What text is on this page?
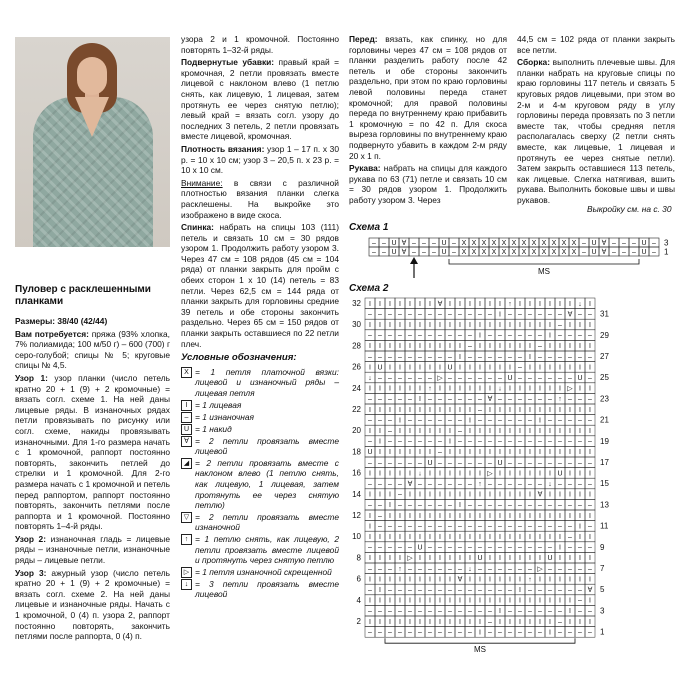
Пуловер с расклешенными планками

Размеры: 38/40 (42/44)

Вам потребуется: пряжа (93% хлопка, 7% полиамида; 100 м/50 г) – 600 (700) г серо-голубой; спицы № 5; круговые спицы № 4,5.

Узор 1: узор планки (число петель кратно 20 + 1 (9) + 2 кромочные) = вязать согл. схеме 1. На ней даны лицевые ряды. В изнаночных рядах петли провязывать по рисунку или согл. схеме, накиды провязывать изнаночными. Для 1-го размера начать с 1 кромочной, раппорт постоянно повторять, закончить петлей до стрелки и 1 кромочной. Для 2-го размера начать с 1 кромочной и петель перед раппортом, раппорт постоянно повторять, закончить петлями после раппорта и 1 кромочной. Постоянно повторять 1–4-й ряды.

Узор 2: изнаночная гладь = лицевые ряды – изнаночные петли, изнаночные ряды – лицевые петли.

Узор 3: ажурный узор (число петель кратно 20 + 1 (9) + 2 кромочные) = вязать согл. схеме 2. На ней даны лицевые и изнаночные ряды. Начать с 1 кромочной, 0 (4) п. узора 2, раппорт постоянно повторять, закончить петлями после раппорта, 0 (4) п.

узора 2 и 1 кромочной. Постоянно повторять 1–32-й ряды.

Подвернутые убавки: правый край = кромочная, 2 петли провязать вместе лицевой с наклоном влево (1 петлю снять, как лицевую, 1 лицевая, затем протянуть ее через снятую петлю); левый край = вязать согл. узору до последних 3 петель, 2 петли провязать вместе лицевой, кромочная.

Плотность вязания: узор 1 – 17 п. х 30 р. = 10 х 10 см; узор 3 – 20,5 п. х 23 р. = 10 х 10 см.

Внимание: в связи с различной плотностью вязания планки слегка расклешены. На выкройке это изображено в виде скоса.

Спинка: набрать на спицы 103 (111) петель и связать 10 см = 30 рядов узором 1. Продолжить работу узором 3. Через 47 см = 108 рядов (45 см = 104 ряда) от планки закрыть для пройм с обеих сторон 1 х 10 (14) петель = 83 петли. Через 62,5 см = 144 ряда от планки закрыть для горловины средние 39 петель и обе стороны закончить раздельно. Через 65 см = 150 рядов от планки закрыть оставшиеся по 22 петли плеч.

Условные обозначения:
X = 1 петля платочной вязки: лицевой и изнаночный ряды – лицевая петля
I = 1 лицевая
– = 1 изнаночная
U = 1 накид
∀ = 2 петли провязать вместе лицевой
◢ = 2 петли провязать вместе с наклоном влево (1 петлю снять, как лицевую, 1 лицевая, затем протянуть ее через снятую петлю)
▽ = 2 петли провязать вместе изнаночной
↑ = 1 петлю снять, как лицевую, 2 петли провязать вместе лицевой и протянуть через снятую петлю
▷ = 1 петля изнаночной скрещенной
↓ = 3 петли провязать вместе лицевой

Перед: вязать, как спинку, но для горловины через 47 см = 108 рядов от планки разделить работу после 42 петель и обе стороны закончить раздельно, при этом по краю горловины левой половины переда станет кромочной; для правой половины переда по внутреннему краю прибавить 1 кромочную = по 42 п. Для скоса выреза горловины по внутреннему краю подвернуто убавить в каждом 2-м ряду 20 х 1 п.

Рукава: набрать на спицы для каждого рукава по 63 (71) петле и связать 10 см = 30 рядов узором 1. Продолжить работу узором 3. Через

44,5 см = 102 ряда от планки закрыть все петли.

Сборка: выполнить плечевые швы. Для планки набрать на круговые спицы по краю горловины 117 петель и связать 5 круговых рядов лицевыми, при этом во 2-м и 4-м круговом ряду в углу горловины переда провязать по 3 петли вместе так, чтобы средняя петля располагалась сверху (2 петли снять вместе, как лицевые, 1 лицевая и протянуть ее через снятые петли). Затем закрыть оставшиеся 113 петель, как лицевые. Слегка натягивая, вшить рукава. Выполнить боковые швы и швы рукавов.

Выкройку см. на с. 30
Схема 1
– – U ∀ – – – U – X X X X X X X X X X X X – U ∀ – – – U –
– – U ∀ – – – U – X X X X X X X X X X X X – U ∀ – – – U –
3
1
MS
Схема 2
I I I I I I I ∀ I I I I I I ↑ I I I I I I ↓ I
– – – – – – – – – – – – – I – – – – – – ∀ – –
I I I I I I I I I I I I I I I I I I I – I I I
– – – – – – – – – – – I – – – – – – I – – – –
I I I I I I I I I I – I I I I I I – I I I I I
– – – – – – – – – I – – – – – – I – – – – – –
I U I I I I I I U I I I I I I – I I I I I I I
↓ – – – – – – ▷ – – – – – – U – – – – – – U –
I I I I I I ↑ I I I I I I ↓ I I I I I I ▷ I I
– – – – – I – – – – – – ∀ – – – – – – ↑ – – –
I I I I I I I I I I I – I I I I I I I I I I I
– – – I – – – – – – I – – – – – – I – – – – –
I I – I I I I I I – I I I I I I I I I I I I I
– I – – – – – – I – – – – – – – – – – – – – –
U I I I I I I – I I I I I I I I I I I I I I I
– – – – – – U – – – – – – U – – – – – – – – –
I I I I I ↓ I I I I I I ▷ I I I I I I U I I I
– – – – ∀ – – – – – – ↑ – – – – – – ↓ – – – –
I I I – I I I I I I I I I I I I I ∀ I I I I I
– – I – – – – – – I – – – – – – – – – – – – –
I – I I I I I I I I I I I I I I I I I I I I I
I – – – – – – – – – – – – – – – – – – – – I –
I I I I I I I I I I I I I I I I I I I I – I I
– – – – – U – – – – – – – – – – – – – I – – –
I I I I ▷ I I I I I I U I I I I I I U I I I I
– – – ↑ – – – – – – ↓ – – – – – – ▷ – – – – –
I I I I I I I I I ∀ I I I I I I ↑ I I I I I I
– I – – – – – – – – – – – – – I – – – – – – ∀
I I I I I I I I I I I I I I I I I I I I I – I
– – – – – – – – – – – – – I – – – – – – I – –
I I I I I I I I I I I I – I I I I I I – I I I
– – – – – – – – – – – I – – – – – – I – – – –
32
30
28
26
24
22
20
18
16
14
12
10
8
6
4
2
31
29
27
25
23
21
19
17
15
13
11
9
7
5
3
1
MS
